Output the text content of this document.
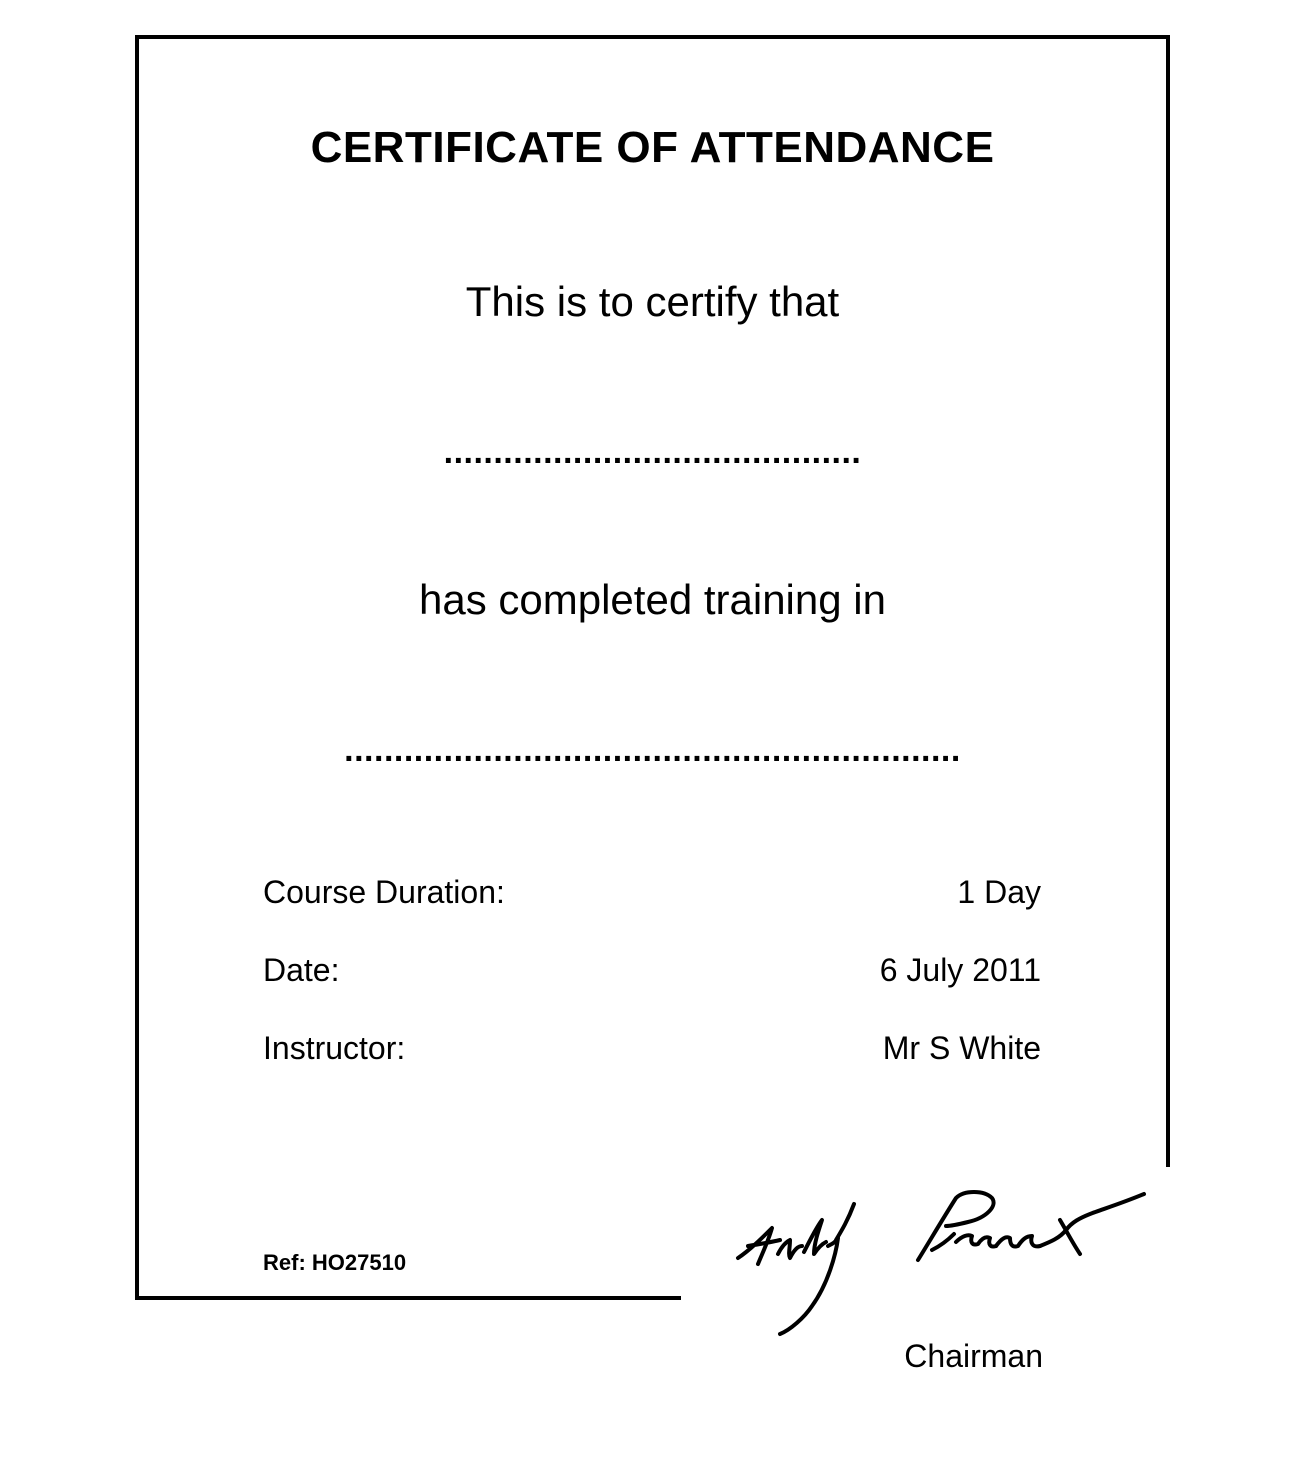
CERTIFICATE OF ATTENDANCE
This is to certify that
..........................................
has completed training in
..............................................................
Course Duration:	1 Day
Date:	6 July 2011
Instructor:	Mr S White
Ref: HO27510
Chairman
